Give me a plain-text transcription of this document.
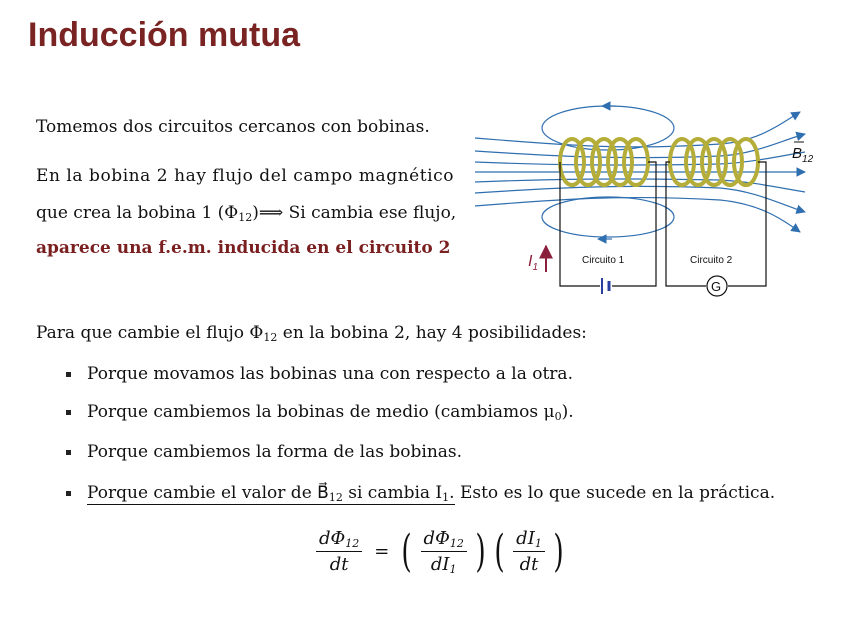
Inducción mutua
Tomemos dos circuitos cercanos con bobinas.
En la bobina 2 hay flujo del campo magnético
que crea la bobina 1 $(\Phi_{12})⟹$ Si cambia ese flujo,
aparece una f.e.m. inducida en el circuito 2
Circuito 1
G
Circuito 2
$I_1$
$B_{12}$
Para que cambie el flujo $\Phi_{12}$ en la bobina 2, hay 4 posibilidades:
Porque movamos las bobinas una con respecto a la otra.
Porque cambiemos la bobinas de medio (cambiamos $\mu_0$).
Porque cambiemos la forma de las bobinas.
Porque cambie el valor de $B⃗_{12}$ si cambia $I_1$. Esto es lo que sucede en la práctica.
$\frac{d\Phi_{12}}{dt}$ = ( $\frac{d\Phi_{12}}{dI_1}$ ) ( $\frac{dI_1}{dt}$ )
